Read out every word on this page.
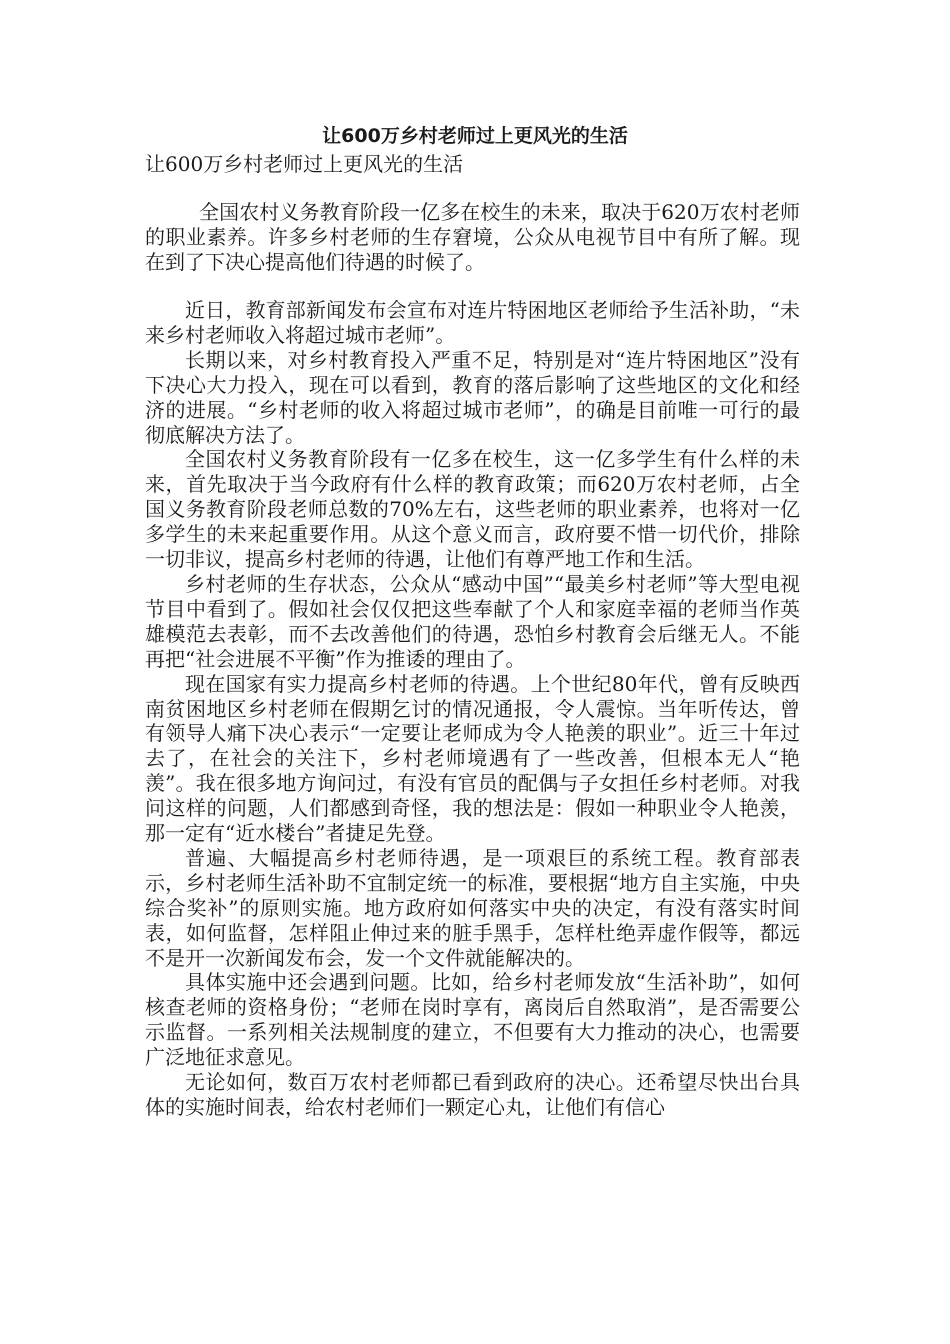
让600万乡村老师过上更风光的生活
让600万乡村老师过上更风光的生活

全国农村义务教育阶段一亿多在校生的未来，取决于620万农村老师的职业素养。许多乡村老师的生存窘境，公众从电视节目中有所了解。现在到了下决心提高他们待遇的时候了。

近日，教育部新闻发布会宣布对连片特困地区老师给予生活补助，“未来乡村老师收入将超过城市老师”。

长期以来，对乡村教育投入严重不足，特别是对“连片特困地区”没有下决心大力投入，现在可以看到，教育的落后影响了这些地区的文化和经济的进展。“乡村老师的收入将超过城市老师”，的确是目前唯一可行的最彻底解决方法了。

全国农村义务教育阶段有一亿多在校生，这一亿多学生有什么样的未来，首先取决于当今政府有什么样的教育政策；而620万农村老师，占全国义务教育阶段老师总数的70%左右，这些老师的职业素养，也将对一亿多学生的未来起重要作用。从这个意义而言，政府要不惜一切代价，排除一切非议，提高乡村老师的待遇，让他们有尊严地工作和生活。

乡村老师的生存状态，公众从“感动中国”“最美乡村老师”等大型电视节目中看到了。假如社会仅仅把这些奉献了个人和家庭幸福的老师当作英雄模范去表彰，而不去改善他们的待遇，恐怕乡村教育会后继无人。不能再把“社会进展不平衡”作为推诿的理由了。

现在国家有实力提高乡村老师的待遇。上个世纪80年代，曾有反映西南贫困地区乡村老师在假期乞讨的情况通报，令人震惊。当年听传达，曾有领导人痛下决心表示“一定要让老师成为令人艳羡的职业”。近三十年过去了，在社会的关注下，乡村老师境遇有了一些改善，但根本无人“艳羡”。我在很多地方询问过，有没有官员的配偶与子女担任乡村老师。对我问这样的问题，人们都感到奇怪，我的想法是：假如一种职业令人艳羡，那一定有“近水楼台”者捷足先登。

普遍、大幅提高乡村老师待遇，是一项艰巨的系统工程。教育部表示，乡村老师生活补助不宜制定统一的标准，要根据“地方自主实施，中央综合奖补”的原则实施。地方政府如何落实中央的决定，有没有落实时间表，如何监督，怎样阻止伸过来的脏手黑手，怎样杜绝弄虚作假等，都远不是开一次新闻发布会，发一个文件就能解决的。

具体实施中还会遇到问题。比如，给乡村老师发放“生活补助”，如何核查老师的资格身份；“老师在岗时享有，离岗后自然取消”，是否需要公示监督。一系列相关法规制度的建立，不但要有大力推动的决心，也需要广泛地征求意见。

无论如何，数百万农村老师都已看到政府的决心。还希望尽快出台具体的实施时间表，给农村老师们一颗定心丸，让他们有信心
